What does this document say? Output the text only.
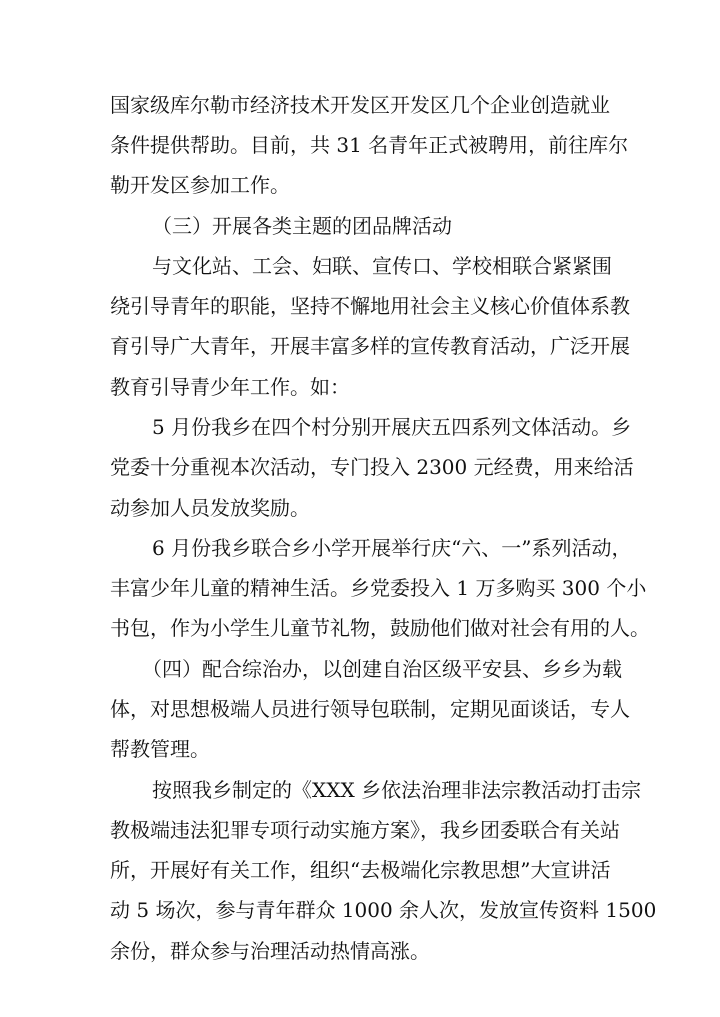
国家级库尔勒市经济技术开发区开发区几个企业创造就业
条件提供帮助。目前，共 31 名青年正式被聘用，前往库尔
勒开发区参加工作。
（三）开展各类主题的团品牌活动
与文化站、工会、妇联、宣传口、学校相联合紧紧围
绕引导青年的职能，坚持不懈地用社会主义核心价值体系教
育引导广大青年，开展丰富多样的宣传教育活动，广泛开展
教育引导青少年工作。如：
5 月份我乡在四个村分别开展庆五四系列文体活动。乡
党委十分重视本次活动，专门投入 2300 元经费，用来给活
动参加人员发放奖励。
6 月份我乡联合乡小学开展举行庆“六、一”系列活动，
丰富少年儿童的精神生活。乡党委投入 1 万多购买 300 个小
书包，作为小学生儿童节礼物，鼓励他们做对社会有用的人。
（四）配合综治办，以创建自治区级平安县、乡乡为载
体，对思想极端人员进行领导包联制，定期见面谈话，专人
帮教管理。
按照我乡制定的《XXX 乡依法治理非法宗教活动打击宗
教极端违法犯罪专项行动实施方案》，我乡团委联合有关站
所，开展好有关工作，组织“去极端化宗教思想”大宣讲活
动 5 场次，参与青年群众 1000 余人次，发放宣传资料 1500
余份，群众参与治理活动热情高涨。
